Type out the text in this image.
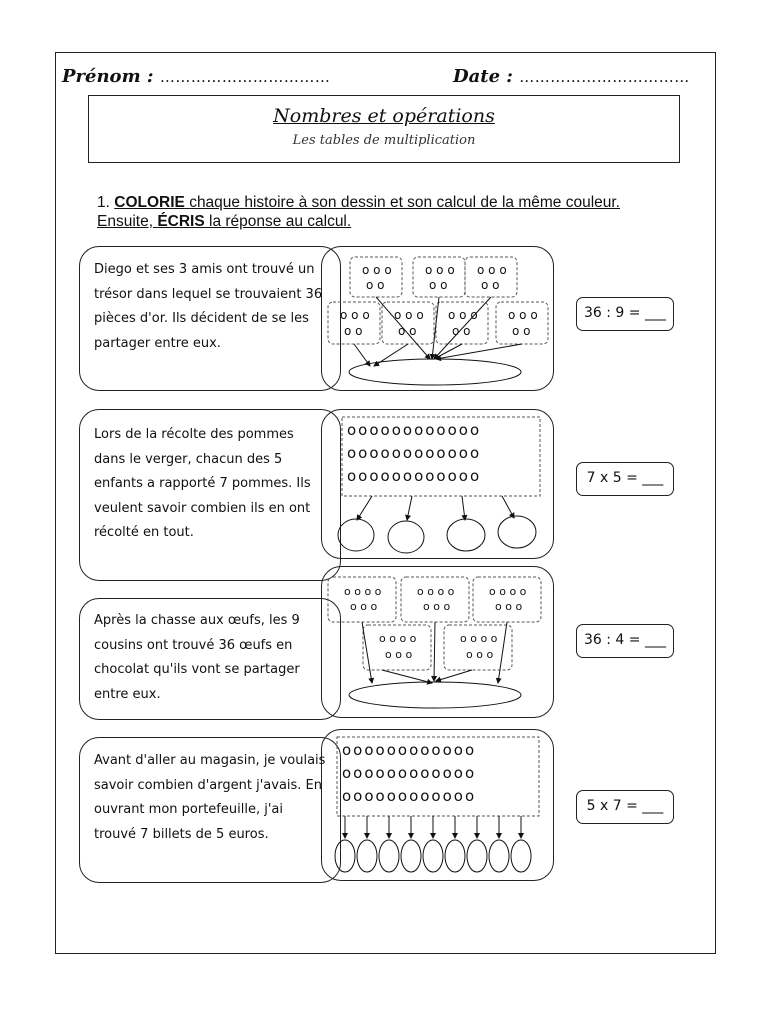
Prénom : ……………………………	Date : ……………………………
Nombres et opérations
Les tables de multiplication
1. COLORIE chaque histoire à son dessin et son calcul de la même couleur. Ensuite, ÉCRIS la réponse au calcul.
Diego et ses 3 amis ont trouvé un trésor dans lequel se trouvaient 36 pièces d'or. Ils décident de se les partager entre eux.
o o o
o o
o o o
o o
o o o
o o
o o o
o o
o o o
o o
o o o
o o
o o o
o o
36 : 9 = ___
Lors de la récolte des pommes dans le verger, chacun des 5 enfants a rapporté 7 pommes. Ils veulent savoir combien ils en ont récolté en tout.
oooooooooooo
oooooooooooo
oooooooooooo	7 x 5 = ___
Après la chasse aux œufs, les 9 cousins ont trouvé 36 œufs en chocolat qu'ils vont se partager entre eux.
o o o o
o o o
o o o o
o o o
o o o o
o o o
o o o o
o o o
o o o o
o o o
36 : 4 = ___
Avant d'aller au magasin, je voulais savoir combien d'argent j'avais. En ouvrant mon portefeuille, j'ai trouvé 7 billets de 5 euros.
oooooooooooo
oooooooooooo
oooooooooooo
5 x 7 = ___
